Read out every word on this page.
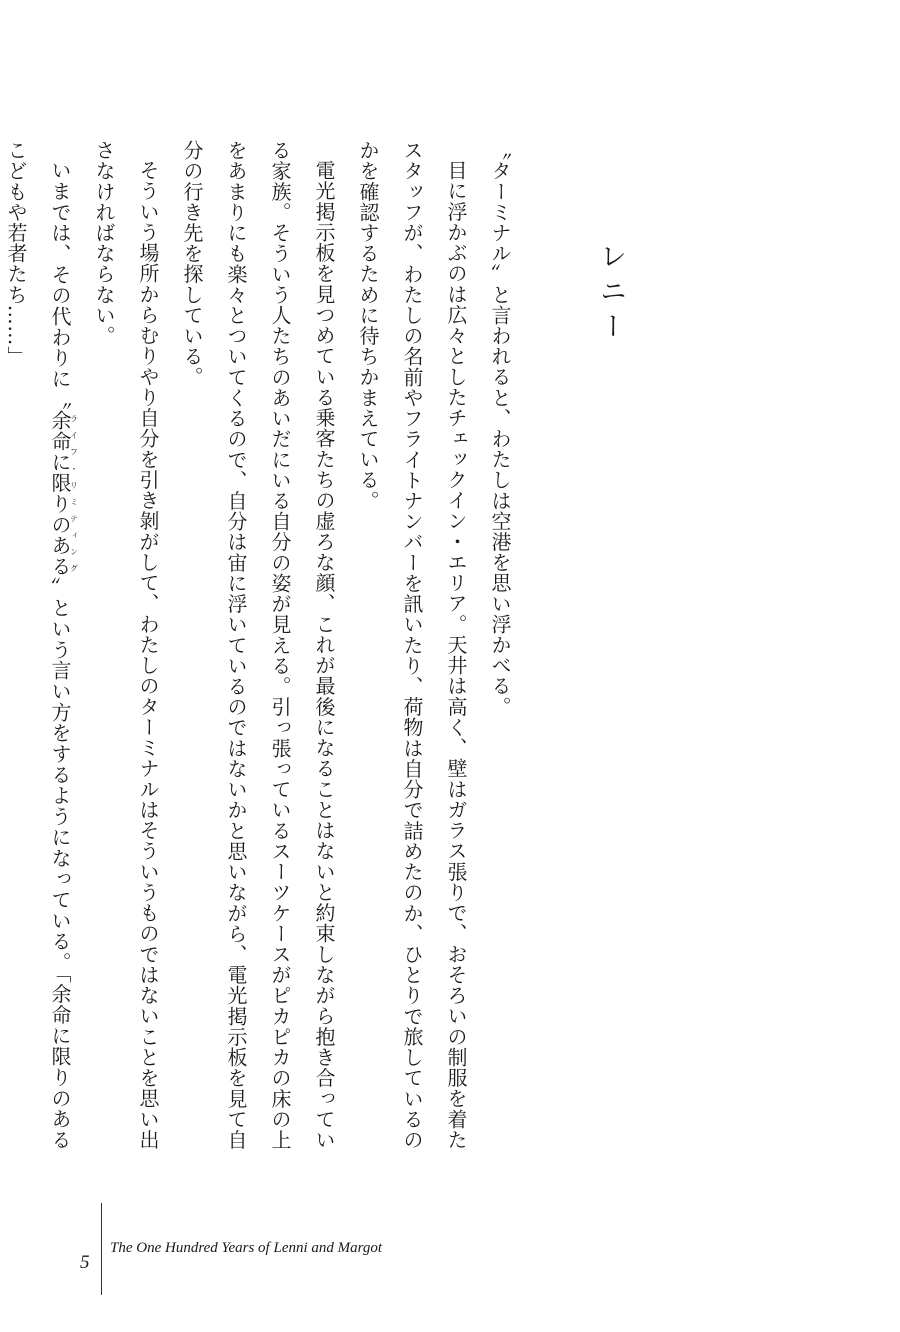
レニー

〝ターミナル〟と言われると、わたしは空港を思い浮かべる。

目に浮かぶのは広々としたチェックイン・エリア。天井は高く、壁はガラス張りで、おそろいの制服を着たスタッフが、わたしの名前やフライトナンバーを訊いたり、荷物は自分で詰めたのか、ひとりで旅しているのかを確認するために待ちかまえている。

電光掲示板を見つめている乗客たちの虚ろな顔、これが最後になることはないと約束しながら抱き合っている家族。そういう人たちのあいだにいる自分の姿が見える。引っ張っているスーツケースがピカピカの床の上をあまりにも楽々とついてくるので、自分は宙に浮いているのではないかと思いながら、電光掲示板を見て自分の行き先を探している。

そういう場所からむりやり自分を引き剝がして、わたしのターミナルはそういうものではないことを思い出さなければならない。

いまでは、その代わりに〝余命に限りのあるライフ・リミティング〟という言い方をするようになっている。「余命に限りのあるこどもや若者たち……」

5
The One Hundred Years of Lenni and Margot
